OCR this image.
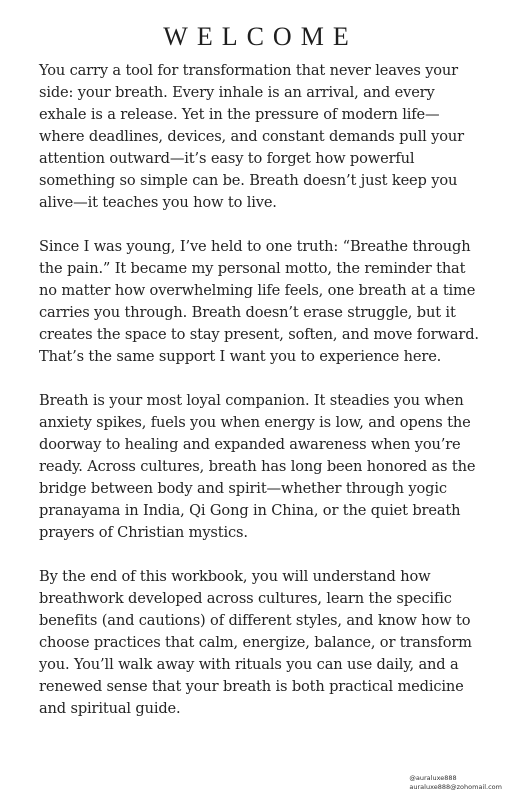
WELCOME

You carry a tool for transformation that never leaves your side: your breath. Every inhale is an arrival, and every exhale is a release. Yet in the pressure of modern life—where deadlines, devices, and constant demands pull your attention outward—it’s easy to forget how powerful something so simple can be. Breath doesn’t just keep you alive—it teaches you how to live.

Since I was young, I’ve held to one truth: “Breathe through the pain.” It became my personal motto, the reminder that no matter how overwhelming life feels, one breath at a time carries you through. Breath doesn’t erase struggle, but it creates the space to stay present, soften, and move forward. That’s the same support I want you to experience here.

Breath is your most loyal companion. It steadies you when anxiety spikes, fuels you when energy is low, and opens the doorway to healing and expanded awareness when you’re ready. Across cultures, breath has long been honored as the bridge between body and spirit—whether through yogic pranayama in India, Qi Gong in China, or the quiet breath prayers of Christian mystics.

By the end of this workbook, you will understand how breathwork developed across cultures, learn the specific benefits (and cautions) of different styles, and know how to choose practices that calm, energize, balance, or transform you. You’ll walk away with rituals you can use daily, and a renewed sense that your breath is both practical medicine and spiritual guide.

@auraluxe888
auraluxe888@zohomail.com
